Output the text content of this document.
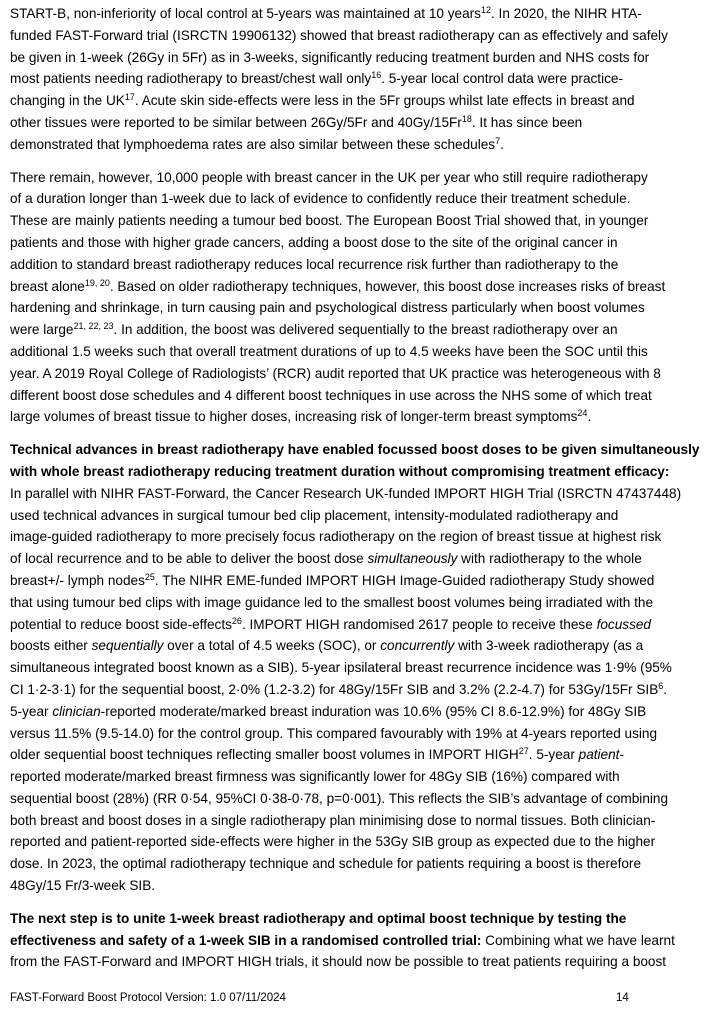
START-B, non-inferiority of local control at 5-years was maintained at 10 years$^{12}$. In 2020, the NIHR HTA-
funded FAST-Forward trial (ISRCTN 19906132) showed that breast radiotherapy can as effectively and safely
be given in 1-week (26Gy in 5Fr) as in 3-weeks, significantly reducing treatment burden and NHS costs for
most patients needing radiotherapy to breast/chest wall only$^{16}$. 5-year local control data were practice-
changing in the UK$^{17}$. Acute skin side-effects were less in the 5Fr groups whilst late effects in breast and
other tissues were reported to be similar between 26Gy/5Fr and 40Gy/15Fr$^{18}$. It has since been
demonstrated that lymphoedema rates are also similar between these schedules$^7$.

There remain, however, 10,000 people with breast cancer in the UK per year who still require radiotherapy
of a duration longer than 1-week due to lack of evidence to confidently reduce their treatment schedule.
These are mainly patients needing a tumour bed boost. The European Boost Trial showed that, in younger
patients and those with higher grade cancers, adding a boost dose to the site of the original cancer in
addition to standard breast radiotherapy reduces local recurrence risk further than radiotherapy to the
breast alone$^{19, 20}$. Based on older radiotherapy techniques, however, this boost dose increases risks of breast
hardening and shrinkage, in turn causing pain and psychological distress particularly when boost volumes
were large$^{21, 22, 23}$. In addition, the boost was delivered sequentially to the breast radiotherapy over an
additional 1.5 weeks such that overall treatment durations of up to 4.5 weeks have been the SOC until this
year. A 2019 Royal College of Radiologists’ (RCR) audit reported that UK practice was heterogeneous with 8
different boost dose schedules and 4 different boost techniques in use across the NHS some of which treat
large volumes of breast tissue to higher doses, increasing risk of longer-term breast symptoms$^{24}$.

Technical advances in breast radiotherapy have enabled focussed boost doses to be given simultaneously
with whole breast radiotherapy reducing treatment duration without compromising treatment efficacy:
In parallel with NIHR FAST-Forward, the Cancer Research UK-funded IMPORT HIGH Trial (ISRCTN 47437448)
used technical advances in surgical tumour bed clip placement, intensity-modulated radiotherapy and
image-guided radiotherapy to more precisely focus radiotherapy on the region of breast tissue at highest risk
of local recurrence and to be able to deliver the boost dose simultaneously with radiotherapy to the whole
breast+/- lymph nodes$^{25}$. The NIHR EME-funded IMPORT HIGH Image-Guided radiotherapy Study showed
that using tumour bed clips with image guidance led to the smallest boost volumes being irradiated with the
potential to reduce boost side-effects$^{26}$. IMPORT HIGH randomised 2617 people to receive these focussed
boosts either sequentially over a total of 4.5 weeks (SOC), or concurrently with 3-week radiotherapy (as a
simultaneous integrated boost known as a SIB). 5-year ipsilateral breast recurrence incidence was 1·9% (95%
CI 1·2-3·1) for the sequential boost, 2·0% (1.2-3.2) for 48Gy/15Fr SIB and 3.2% (2.2-4.7) for 53Gy/15Fr SIB$^6$.
5-year clinician-reported moderate/marked breast induration was 10.6% (95% CI 8.6-12.9%) for 48Gy SIB
versus 11.5% (9.5-14.0) for the control group. This compared favourably with 19% at 4-years reported using
older sequential boost techniques reflecting smaller boost volumes in IMPORT HIGH$^{27}$. 5-year patient-
reported moderate/marked breast firmness was significantly lower for 48Gy SIB (16%) compared with
sequential boost (28%) (RR 0·54, 95%CI 0·38-0·78, p=0·001). This reflects the SIB’s advantage of combining
both breast and boost doses in a single radiotherapy plan minimising dose to normal tissues. Both clinician-
reported and patient-reported side-effects were higher in the 53Gy SIB group as expected due to the higher
dose. In 2023, the optimal radiotherapy technique and schedule for patients requiring a boost is therefore
48Gy/15 Fr/3-week SIB.

The next step is to unite 1-week breast radiotherapy and optimal boost technique by testing the
effectiveness and safety of a 1-week SIB in a randomised controlled trial: Combining what we have learnt
from the FAST-Forward and IMPORT HIGH trials, it should now be possible to treat patients requiring a boost

FAST-Forward Boost Protocol Version: 1.0 07/11/2024	14
